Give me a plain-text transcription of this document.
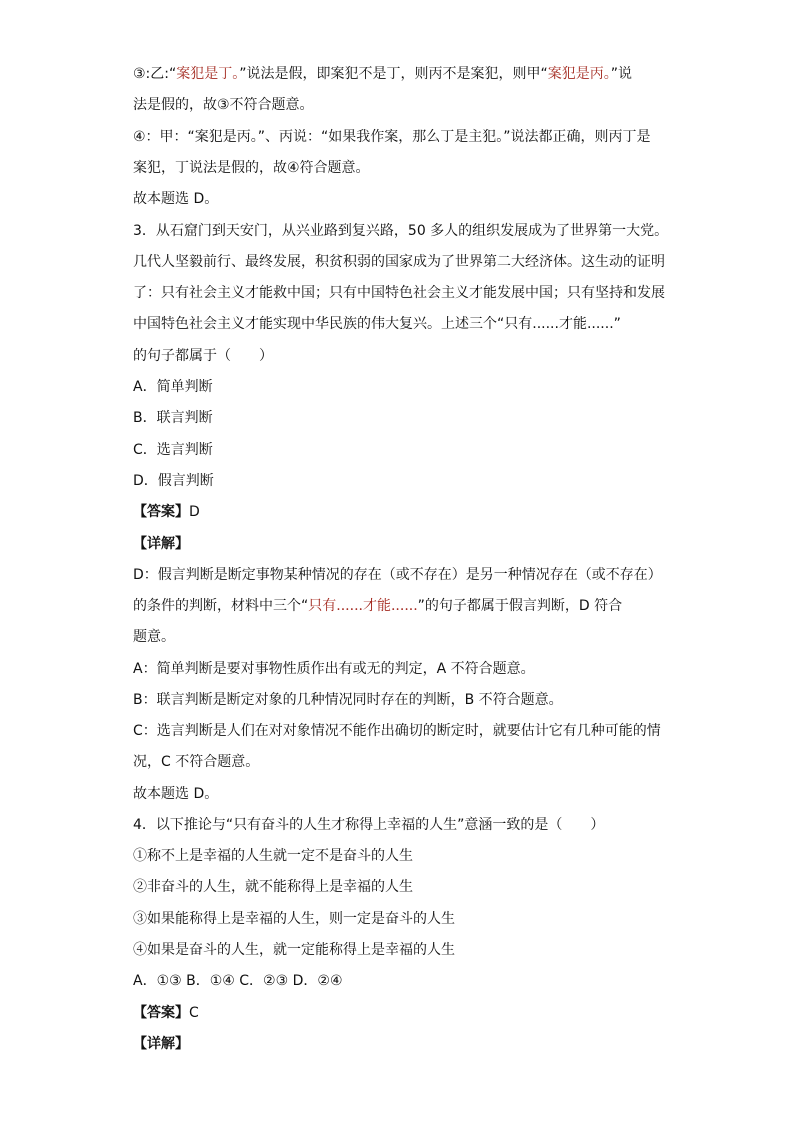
③:乙:“案犯是丁。”说法是假，即案犯不是丁，则丙不是案犯，则甲“案犯是丙。”说
法是假的，故③不符合题意。
④：甲：“案犯是丙。”、丙说：“如果我作案，那么丁是主犯。”说法都正确，则丙丁是
案犯，丁说法是假的，故④符合题意。
故本题选 D。
3．从石窟门到天安门，从兴业路到复兴路，50 多人的组织发展成为了世界第一大党。
几代人坚毅前行、最终发展，积贫积弱的国家成为了世界第二大经济体。这生动的证明
了：只有社会主义才能救中国；只有中国特色社会主义才能发展中国；只有坚持和发展
中国特色社会主义才能实现中华民族的伟大复兴。上述三个“只有......才能......”
的句子都属于（　　）
A．简单判断
B．联言判断
C．选言判断
D．假言判断
【答案】D
【详解】
D：假言判断是断定事物某种情况的存在（或不存在）是另一种情况存在（或不存在）
的条件的判断，材料中三个“只有......才能......”的句子都属于假言判断，D 符合
题意。
A：简单判断是要对事物性质作出有或无的判定，A 不符合题意。
B：联言判断是断定对象的几种情况同时存在的判断，B 不符合题意。
C：选言判断是人们在对对象情况不能作出确切的断定时，就要估计它有几种可能的情
况，C 不符合题意。
故本题选 D。
4．以下推论与“只有奋斗的人生才称得上幸福的人生”意涵一致的是（　　）
①称不上是幸福的人生就一定不是奋斗的人生
②非奋斗的人生，就不能称得上是幸福的人生
③如果能称得上是幸福的人生，则一定是奋斗的人生
④如果是奋斗的人生，就一定能称得上是幸福的人生
A．①③ B．①④ C．②③ D．②④
【答案】C
【详解】
